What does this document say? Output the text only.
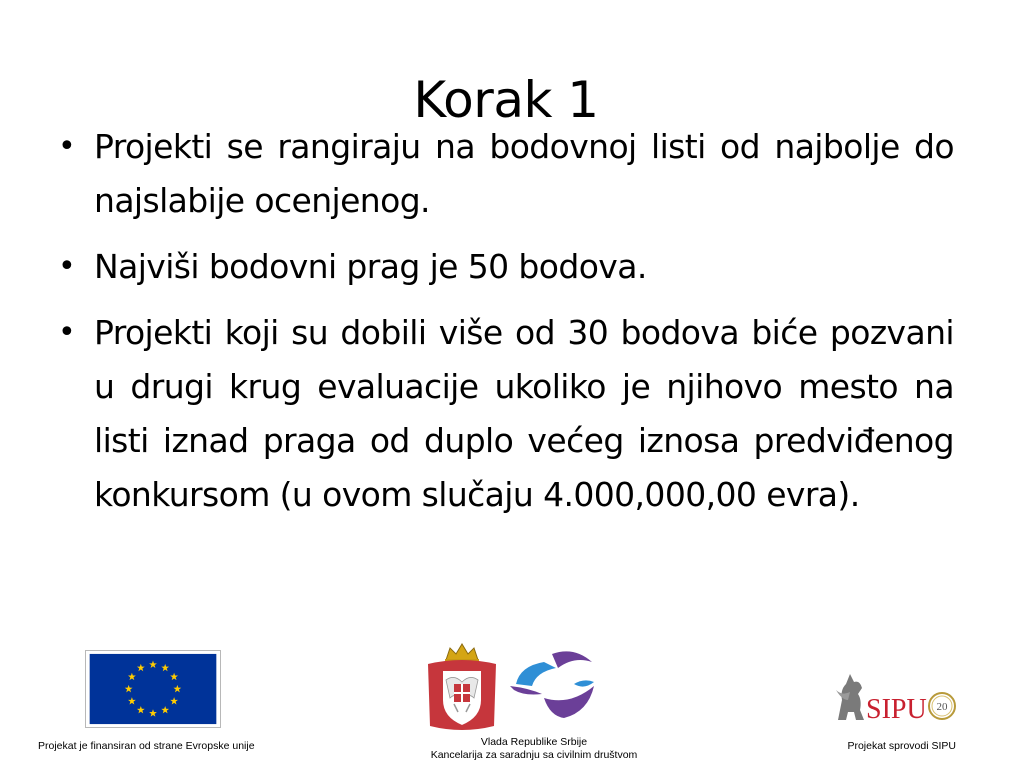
Korak 1
• Projekti se rangiraju na bodovnoj listi od najbolje do najslabije ocenjenog.
• Najviši bodovni prag je 50 bodova.
• Projekti koji su dobili više od 30 bodova biće pozvani u drugi krug evaluacije ukoliko je njihovo mesto na listi iznad praga od duplo većeg iznosa predviđenog konkursom (u ovom slučaju 4.000,000,00 evra).
SIPU 20
Projekat je finansiran od strane Evropske unije	Vlada Republike Srbije
Kancelarija za saradnju sa civilnim društvom
Projekat sprovodi SIPU
